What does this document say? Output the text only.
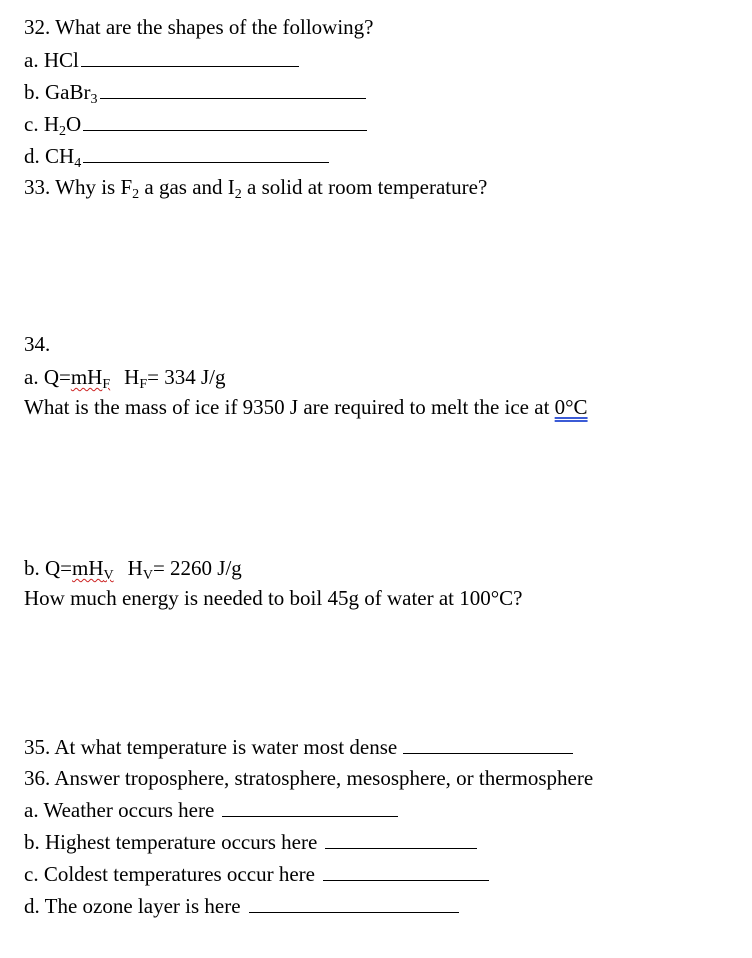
32. What are the shapes of the following?
a. HCl
b. GaBr$_3$
c. $H_2O$
d. $CH_4$
33. Why is $F_2$ a gas and $I_2$ a solid at room temperature?
34.
a. $Q=mH_F$ $H_F= 334$ J/g
What is the mass of ice if 9350 J are required to melt the ice at 0°C
b. $Q=mH_V$ $H_V= 2260$ J/g
How much energy is needed to boil 45g of water at 100°C?
35. At what temperature is water most dense
36. Answer troposphere, stratosphere, mesosphere, or thermosphere
a. Weather occurs here
b. Highest temperature occurs here
c. Coldest temperatures occur here
d. The ozone layer is here
